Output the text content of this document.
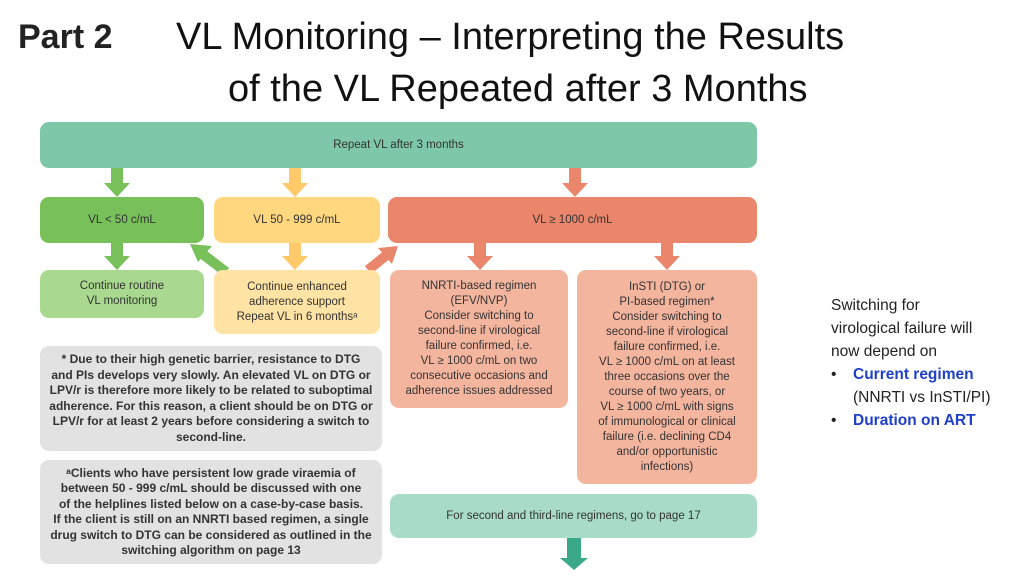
Part 2 VL Monitoring – Interpreting the Results
of the VL Repeated after 3 Months
Repeat VL after 3 months
VL < 50 c/mL	VL 50 - 999 c/mL	VL ≥ 1000 c/mL
Continue routine
VL monitoring
Continue enhanced
adherence support
Repeat VL in 6 monthsᵃ
NNRTI-based regimen
(EFV/NVP)
Consider switching to
second-line if virological
failure confirmed, i.e.
VL ≥ 1000 c/mL on two
consecutive occasions and
adherence issues addressed
InSTI (DTG) or
PI-based regimen*
Consider switching to
second-line if virological
failure confirmed, i.e.
VL ≥ 1000 c/mL on at least
three occasions over the
course of two years, or
VL ≥ 1000 c/mL with signs
of immunological or clinical
failure (i.e. declining CD4
and/or opportunistic
infections)
* Due to their high genetic barrier, resistance to DTG
and PIs develops very slowly. An elevated VL on DTG or
LPV/r is therefore more likely to be related to suboptimal
adherence. For this reason, a client should be on DTG or
LPV/r for at least 2 years before considering a switch to
second-line.
ᵃClients who have persistent low grade viraemia of
between 50 - 999 c/mL should be discussed with one
of the helplines listed below on a case-by-case basis.
If the client is still on an NNRTI based regimen, a single
drug switch to DTG can be considered as outlined in the
switching algorithm on page 13
For second and third-line regimens, go to page 17
Switching for
virological failure will
now depend on
•	Current regimen
(NNRTI vs InSTI/PI)
•	Duration on ART
